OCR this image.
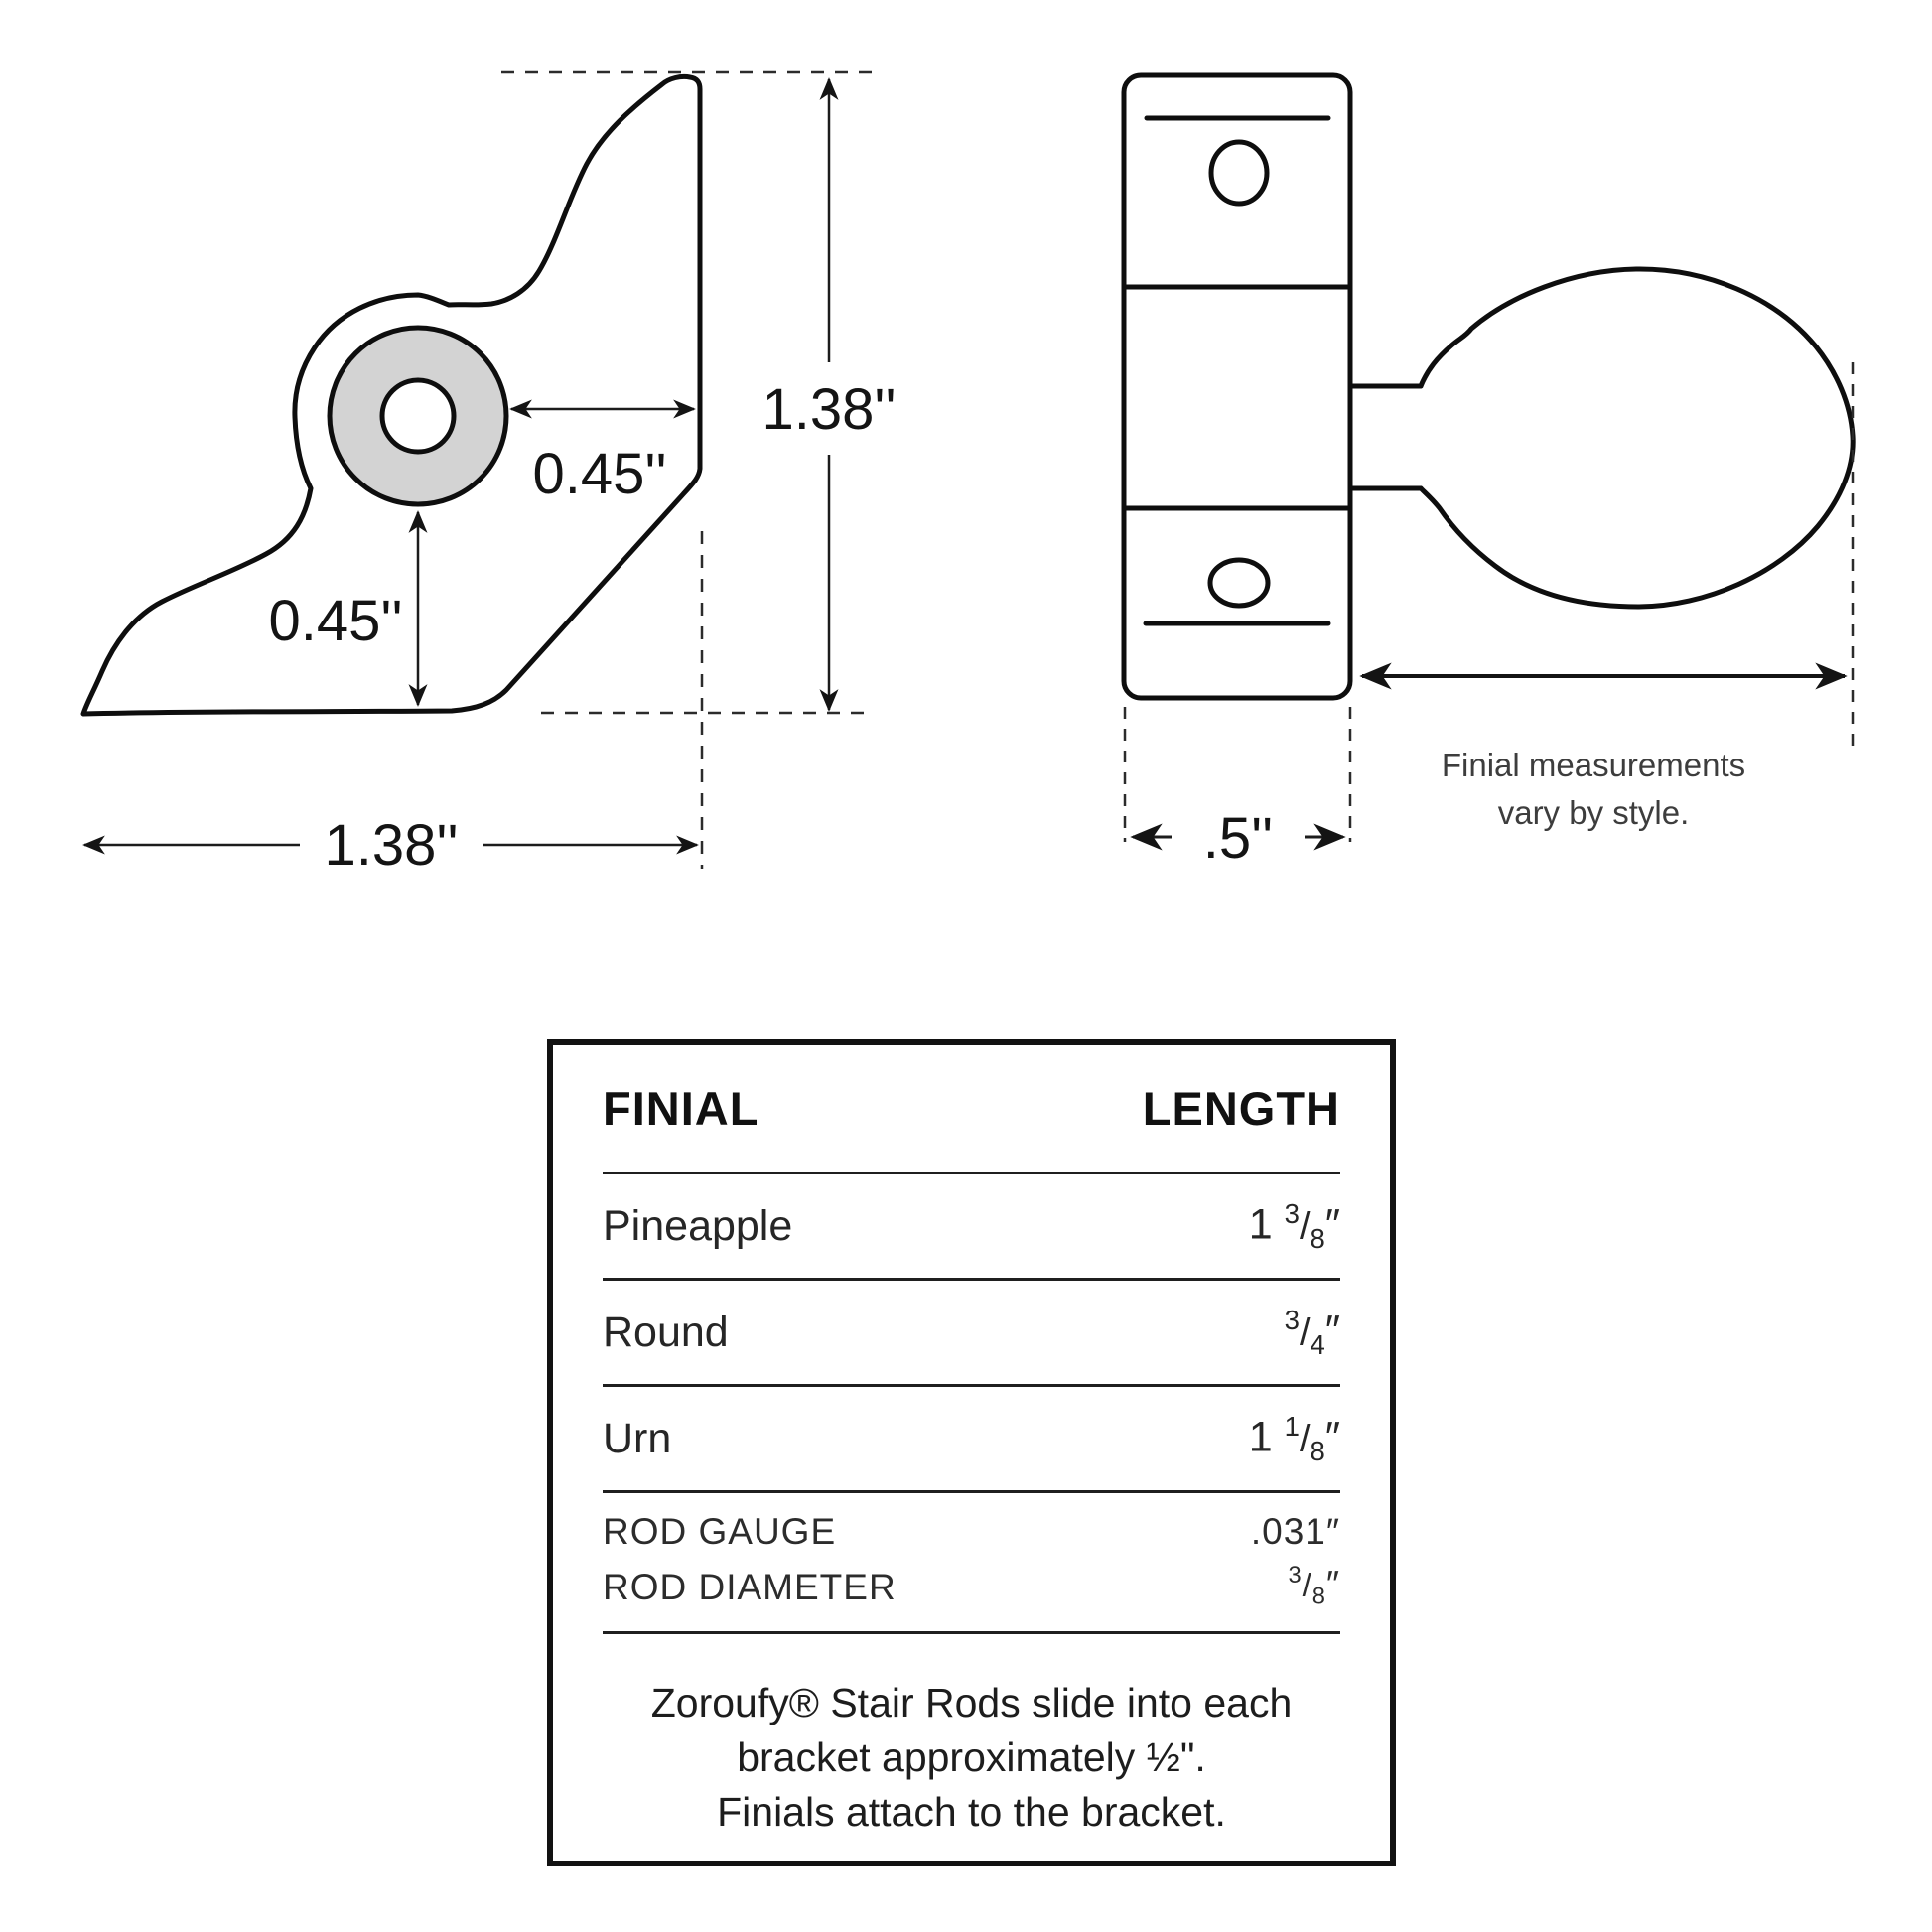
1.38''
0.45''
0.45''
1.38''	.5''
Finial measurements
vary by style.
FINIAL	LENGTH
Pineapple	1 $^3/_8''$
Round	$^3/_4''$
Urn	1 $^1/_8''$
ROD GAUGE	.031″
ROD DIAMETER	$^3/_8''$
Zoroufy® Stair Rods slide into each
bracket approximately ½".
Finials attach to the bracket.
